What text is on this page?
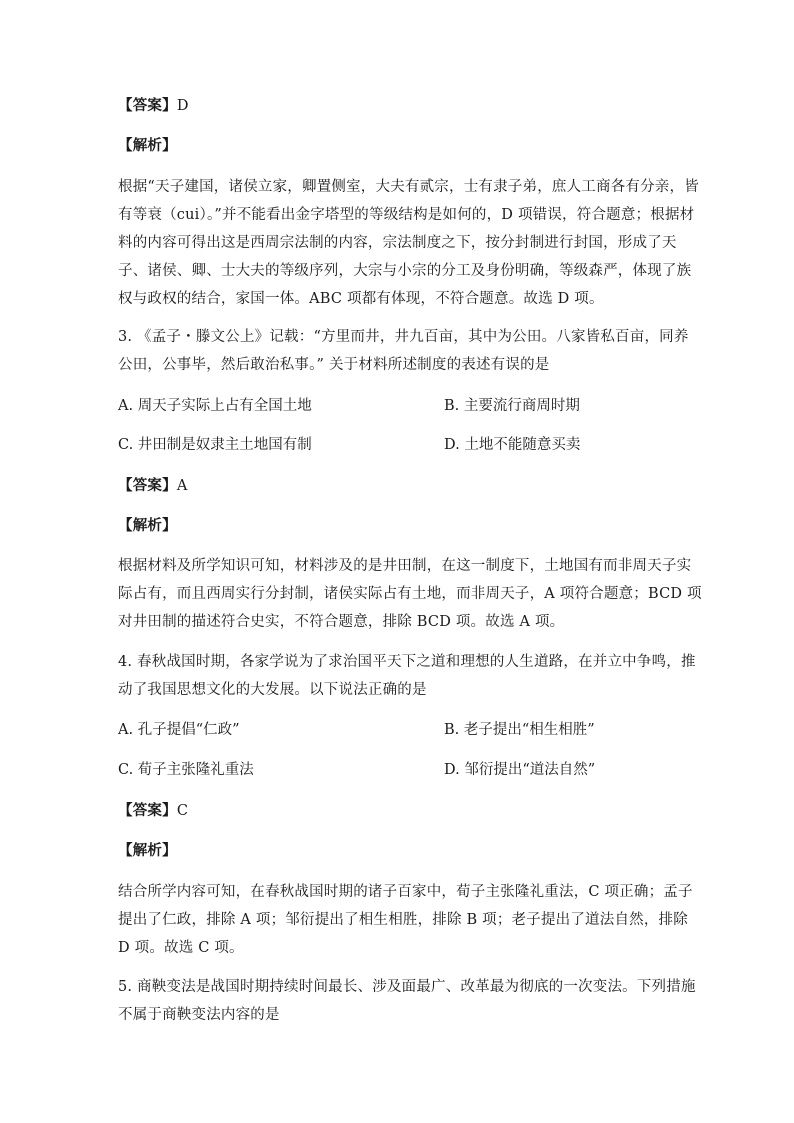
【答案】D
【解析】
根据“天子建国，诸侯立家，卿置侧室，大夫有贰宗，士有隶子弟，庶人工商各有分亲，皆
有等衰（cui）。”并不能看出金字塔型的等级结构是如何的，D 项错误，符合题意；根据材
料的内容可得出这是西周宗法制的内容，宗法制度之下，按分封制进行封国，形成了天
子、诸侯、卿、士大夫的等级序列，大宗与小宗的分工及身份明确，等级森严，体现了族
权与政权的结合，家国一体。ABC 项都有体现，不符合题意。故选 D 项。
3. 《孟子・滕文公上》记载：“方里而井，井九百亩，其中为公田。八家皆私百亩，同养
公田，公事毕，然后敢治私事。” 关于材料所述制度的表述有误的是
A. 周天子实际上占有全国土地	B. 主要流行商周时期
C. 井田制是奴隶主土地国有制	D. 土地不能随意买卖
【答案】A
【解析】
根据材料及所学知识可知，材料涉及的是井田制，在这一制度下，土地国有而非周天子实
际占有，而且西周实行分封制，诸侯实际占有土地，而非周天子，A 项符合题意；BCD 项
对井田制的描述符合史实，不符合题意，排除 BCD 项。故选 A 项。
4. 春秋战国时期，各家学说为了求治国平天下之道和理想的人生道路，在并立中争鸣，推
动了我国思想文化的大发展。以下说法正确的是
A. 孔子提倡“仁政”	B. 老子提出“相生相胜”
C. 荀子主张隆礼重法	D. 邹衍提出“道法自然”
【答案】C
【解析】
结合所学内容可知，在春秋战国时期的诸子百家中，荀子主张隆礼重法，C 项正确；孟子
提出了仁政，排除 A 项；邹衍提出了相生相胜，排除 B 项；老子提出了道法自然，排除
D 项。故选 C 项。
5. 商鞅变法是战国时期持续时间最长、涉及面最广、改革最为彻底的一次变法。下列措施
不属于商鞅变法内容的是
